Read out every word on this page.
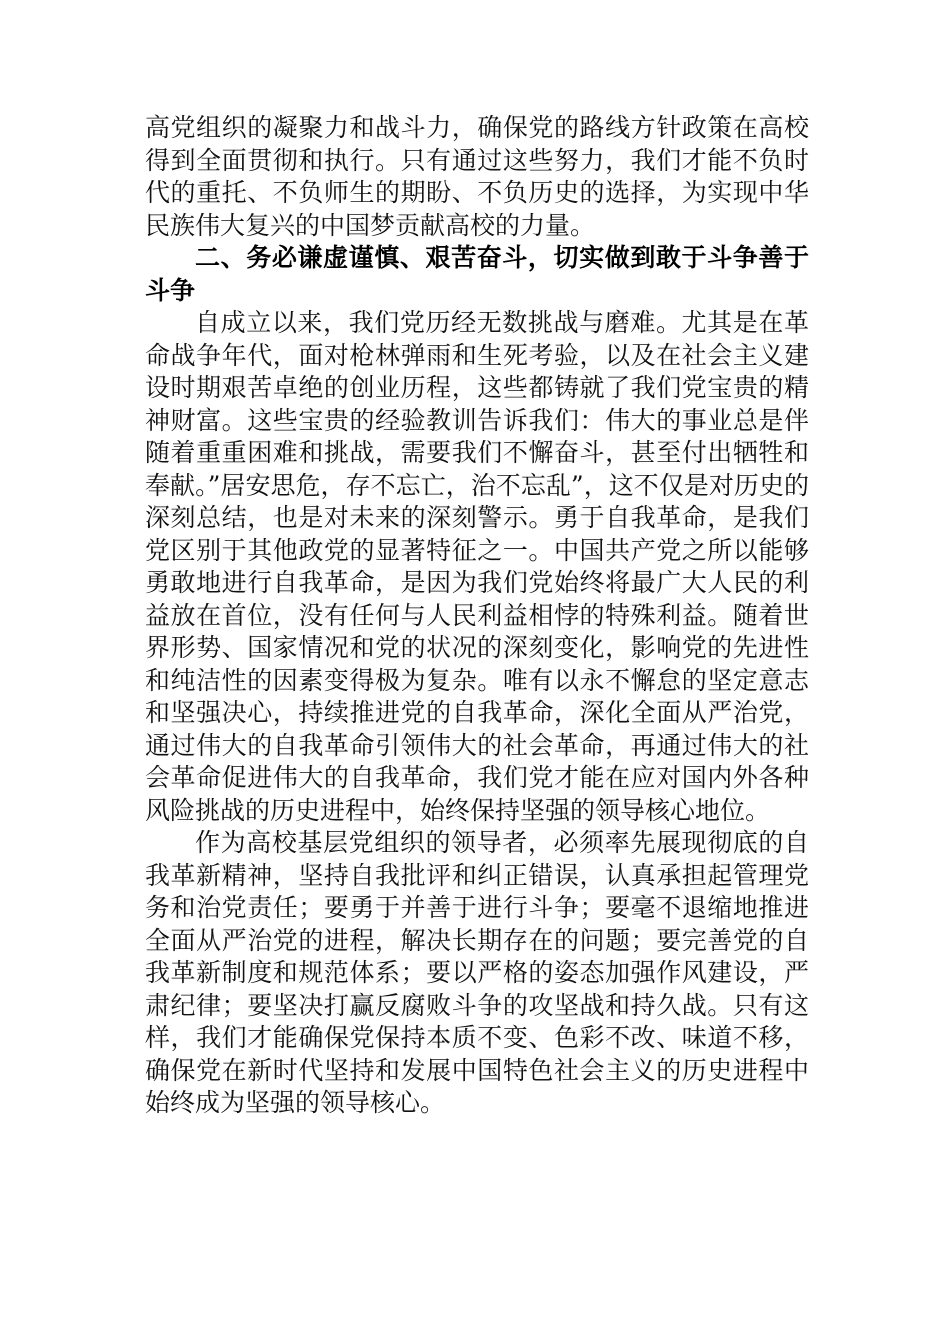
高党组织的凝聚力和战斗力，确保党的路线方针政策在高校得到全面贯彻和执行。只有通过这些努力，我们才能不负时代的重托、不负师生的期盼、不负历史的选择，为实现中华民族伟大复兴的中国梦贡献高校的力量。

二、务必谦虚谨慎、艰苦奋斗，切实做到敢于斗争善于斗争

自成立以来，我们党历经无数挑战与磨难。尤其是在革命战争年代，面对枪林弹雨和生死考验，以及在社会主义建设时期艰苦卓绝的创业历程，这些都铸就了我们党宝贵的精神财富。这些宝贵的经验教训告诉我们：伟大的事业总是伴随着重重困难和挑战，需要我们不懈奋斗，甚至付出牺牲和奉献。”居安思危，存不忘亡，治不忘乱”，这不仅是对历史的深刻总结，也是对未来的深刻警示。勇于自我革命，是我们党区别于其他政党的显著特征之一。中国共产党之所以能够勇敢地进行自我革命，是因为我们党始终将最广大人民的利益放在首位，没有任何与人民利益相悖的特殊利益。随着世界形势、国家情况和党的状况的深刻变化，影响党的先进性和纯洁性的因素变得极为复杂。唯有以永不懈怠的坚定意志和坚强决心，持续推进党的自我革命，深化全面从严治党，通过伟大的自我革命引领伟大的社会革命，再通过伟大的社会革命促进伟大的自我革命，我们党才能在应对国内外各种风险挑战的历史进程中，始终保持坚强的领导核心地位。

作为高校基层党组织的领导者，必须率先展现彻底的自我革新精神，坚持自我批评和纠正错误，认真承担起管理党务和治党责任；要勇于并善于进行斗争；要毫不退缩地推进全面从严治党的进程，解决长期存在的问题；要完善党的自我革新制度和规范体系；要以严格的姿态加强作风建设，严肃纪律；要坚决打赢反腐败斗争的攻坚战和持久战。只有这样，我们才能确保党保持本质不变、色彩不改、味道不移，确保党在新时代坚持和发展中国特色社会主义的历史进程中始终成为坚强的领导核心。
